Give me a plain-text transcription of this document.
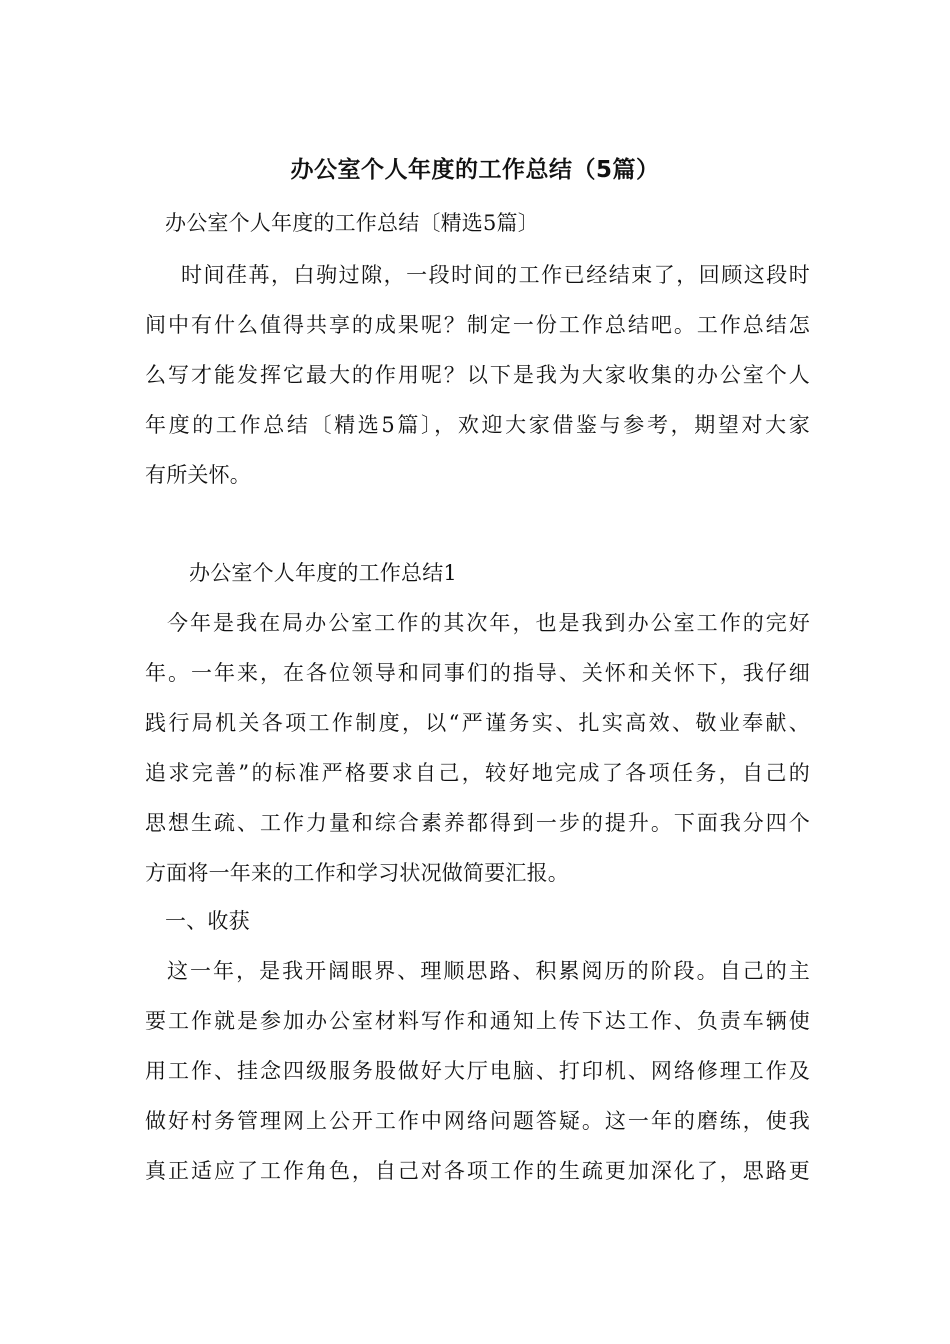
办公室个人年度的工作总结（5篇）
办公室个人年度的工作总结〔精选5篇〕
时间荏苒，白驹过隙，一段时间的工作已经结束了，回顾这段时
间中有什么值得共享的成果呢？制定一份工作总结吧。工作总结怎
么写才能发挥它最大的作用呢？以下是我为大家收集的办公室个人
年度的工作总结〔精选5篇〕，欢迎大家借鉴与参考，期望对大家
有所关怀。
办公室个人年度的工作总结1
今年是我在局办公室工作的其次年，也是我到办公室工作的完好
年。一年来，在各位领导和同事们的指导、关怀和关怀下，我仔细
践行局机关各项工作制度，以“严谨务实、扎实高效、敬业奉献、
追求完善”的标准严格要求自己，较好地完成了各项任务，自己的
思想生疏、工作力量和综合素养都得到一步的提升。下面我分四个
方面将一年来的工作和学习状况做简要汇报。
一、收获
这一年，是我开阔眼界、理顺思路、积累阅历的阶段。自己的主
要工作就是参加办公室材料写作和通知上传下达工作、负责车辆使
用工作、挂念四级服务股做好大厅电脑、打印机、网络修理工作及
做好村务管理网上公开工作中网络问题答疑。这一年的磨练，使我
真正适应了工作角色，自己对各项工作的生疏更加深化了，思路更
